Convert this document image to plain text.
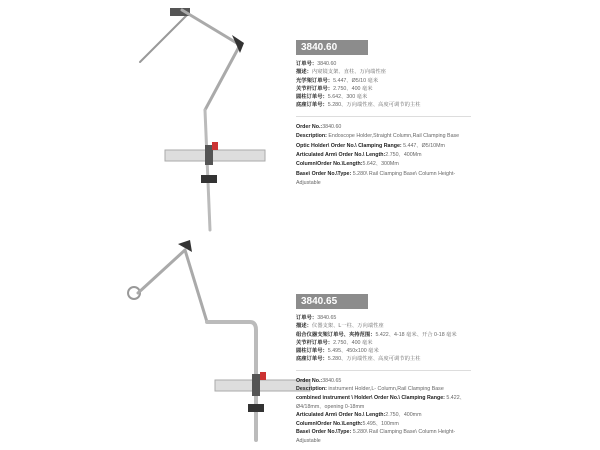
3840.60
订单号：3840.60
描述：内窥镜支架、直柱、万向端性座
光学架订单号：5.447、Ø5/10 毫米
关节杆订单号：2.750、400 毫米
圆柱订单号：5.642、300 毫米
底座订单号：5.280、万向端性座、高度可调节的主柱
Order No.:3840.60
Description: Endoscope Holder,Straight Column,Rail Clamping Base
Optic Holder\ Order No.\ Clamping Range: 5.447、Ø5/10Mm
Articulated Arm\ Order No.\ Length:2.750、400Mm
Column\Order No.\Length:5.642、300Mm
Base\ Order No.\Type: 5.280\ Rail Clamping Base\ Column Height-Adjustable
3840.65
订单号：3840.65
描述：仪器支架、L一柱、万向端性座
组合仪器支架订单号、夹持范围：5.422、4-18 毫米、开合 0-18 毫米
关节杆订单号：2.750、400 毫米
圆柱订单号：5.495、450x100 毫米
底座订单号：5.280、万向端性座、高度可调节的主柱
Order No.:3840.65
Description: instrument Holder,L- Column,Rail Clamping Base
combined instrument \ Holder\ Order No.\ Clamping Range: 5.422、Ø4/18mm、opening 0-18mm
Articulated Arm\ Order No.\ Length:2.750、400mm
Column\Order No.\Length:5.495、100mm
Base\ Order No.\Type: 5.280\ Rail Clamping Base\ Column Height-Adjustable
